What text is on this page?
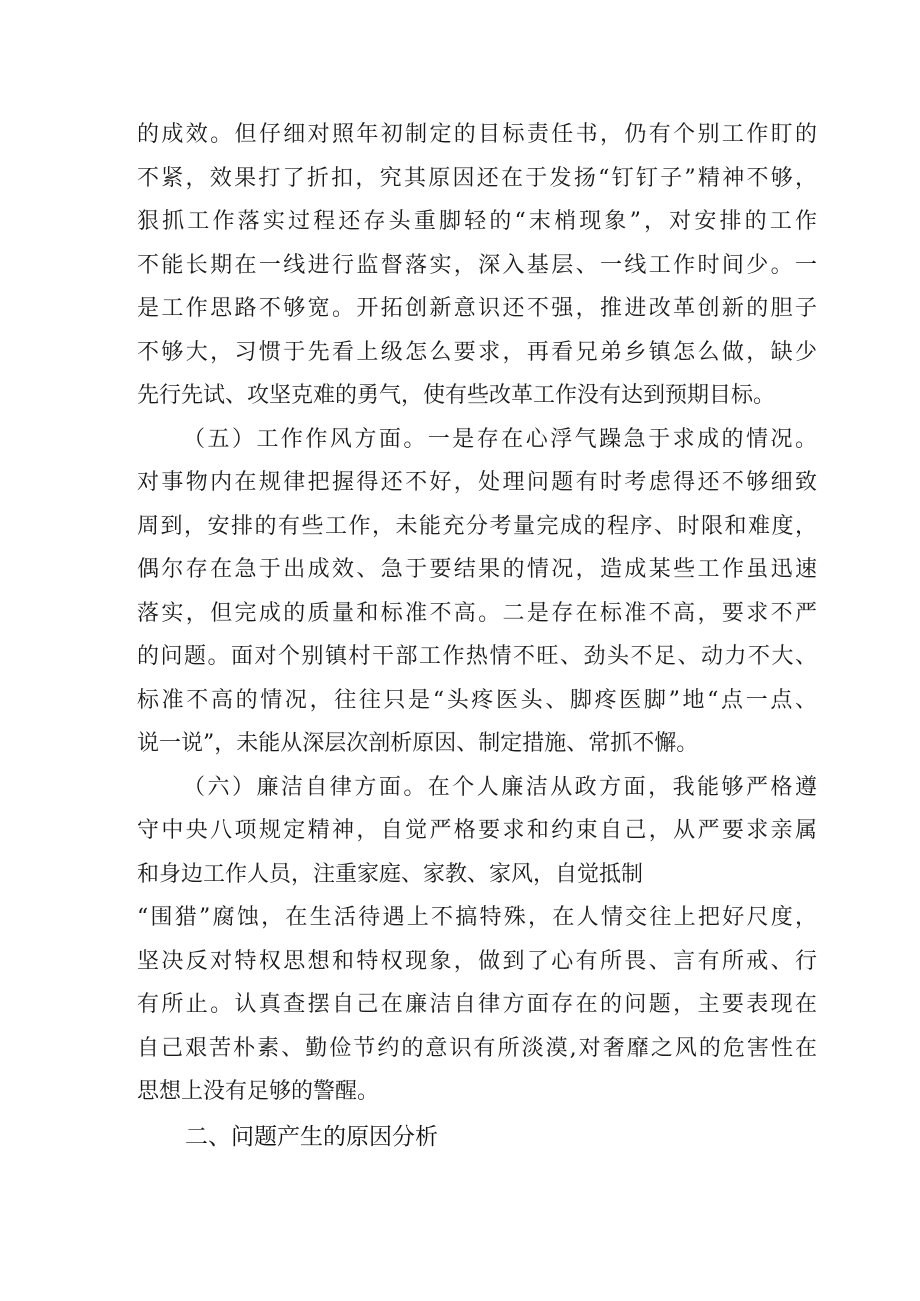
的成效。但仔细对照年初制定的目标责任书，仍有个别工作盯的
不紧，效果打了折扣，究其原因还在于发扬“钉钉子”精神不够，
狠抓工作落实过程还存头重脚轻的“末梢现象”，对安排的工作
不能长期在一线进行监督落实，深入基层、一线工作时间少。一
是工作思路不够宽。开拓创新意识还不强，推进改革创新的胆子
不够大，习惯于先看上级怎么要求，再看兄弟乡镇怎么做，缺少
先行先试、攻坚克难的勇气，使有些改革工作没有达到预期目标。
（五）工作作风方面。一是存在心浮气躁急于求成的情况。
对事物内在规律把握得还不好，处理问题有时考虑得还不够细致
周到，安排的有些工作，未能充分考量完成的程序、时限和难度，
偶尔存在急于出成效、急于要结果的情况，造成某些工作虽迅速
落实，但完成的质量和标准不高。二是存在标准不高，要求不严
的问题。面对个别镇村干部工作热情不旺、劲头不足、动力不大、
标准不高的情况，往往只是“头疼医头、脚疼医脚”地“点一点、
说一说”，未能从深层次剖析原因、制定措施、常抓不懈。
（六）廉洁自律方面。在个人廉洁从政方面，我能够严格遵
守中央八项规定精神，自觉严格要求和约束自己，从严要求亲属
和身边工作人员，注重家庭、家教、家风，自觉抵制
“围猎”腐蚀，在生活待遇上不搞特殊，在人情交往上把好尺度，
坚决反对特权思想和特权现象，做到了心有所畏、言有所戒、行
有所止。认真查摆自己在廉洁自律方面存在的问题，主要表现在
自己艰苦朴素、勤俭节约的意识有所淡漠,对奢靡之风的危害性在
思想上没有足够的警醒。
二、问题产生的原因分析
